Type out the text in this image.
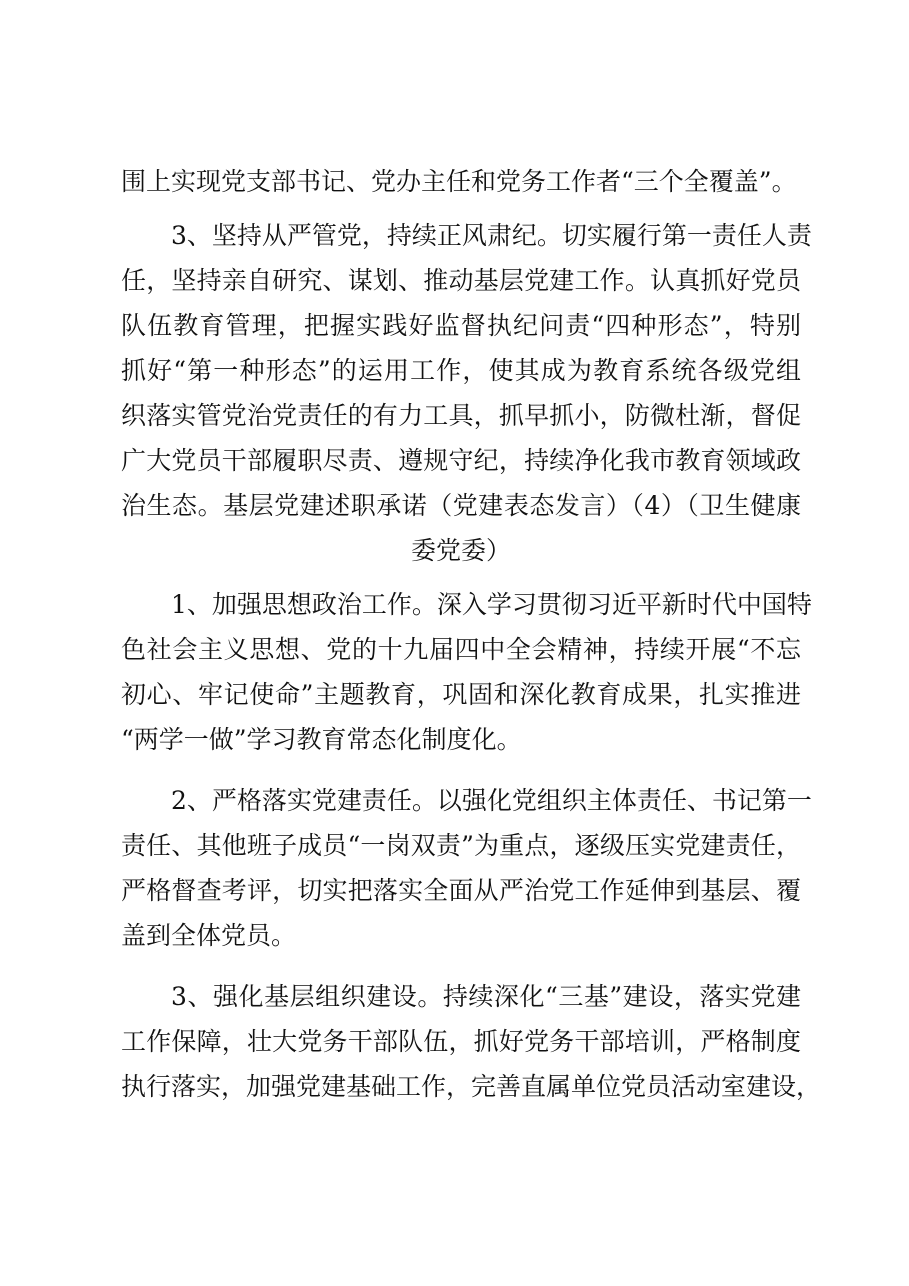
围上实现党支部书记、党办主任和党务工作者“三个全覆盖”。
3、坚持从严管党，持续正风肃纪。切实履行第一责任人责
任，坚持亲自研究、谋划、推动基层党建工作。认真抓好党员
队伍教育管理，把握实践好监督执纪问责“四种形态”，特别
抓好“第一种形态”的运用工作，使其成为教育系统各级党组
织落实管党治党责任的有力工具，抓早抓小，防微杜渐，督促
广大党员干部履职尽责、遵规守纪，持续净化我市教育领域政
治生态。基层党建述职承诺（党建表态发言）（4）（卫生健康
委党委）
1、加强思想政治工作。深入学习贯彻习近平新时代中国特
色社会主义思想、党的十九届四中全会精神，持续开展“不忘
初心、牢记使命”主题教育，巩固和深化教育成果，扎实推进
“两学一做”学习教育常态化制度化。
2、严格落实党建责任。以强化党组织主体责任、书记第一
责任、其他班子成员“一岗双责”为重点，逐级压实党建责任，
严格督查考评，切实把落实全面从严治党工作延伸到基层、覆
盖到全体党员。
3、强化基层组织建设。持续深化“三基”建设，落实党建
工作保障，壮大党务干部队伍，抓好党务干部培训，严格制度
执行落实，加强党建基础工作，完善直属单位党员活动室建设，
